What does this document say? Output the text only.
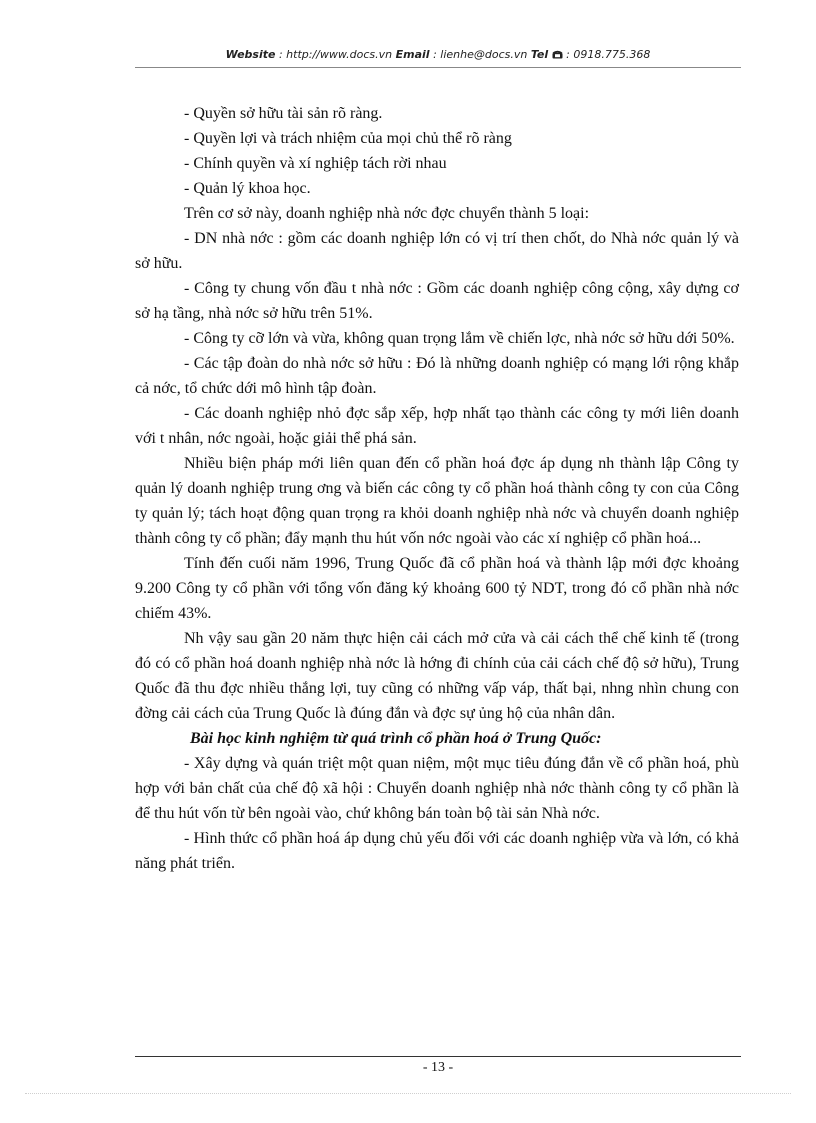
Website : http://www.docs.vn Email : lienhe@docs.vn Tel : 0918.775.368

- Quyền sở hữu tài sản rõ ràng.

- Quyền lợi và trách nhiệm của mọi chủ thể rõ ràng

- Chính quyền và xí nghiệp tách rời nhau

- Quản lý khoa học.

Trên cơ sở này, doanh nghiệp nhà nớc đợc chuyển thành 5 loại:

- DN nhà nớc : gồm các doanh nghiệp lớn có vị trí then chốt, do Nhà nớc quản lý và sở hữu.

- Công ty chung vốn đầu t nhà nớc : Gồm các doanh nghiệp công cộng, xây dựng cơ sở hạ tầng, nhà nớc sở hữu trên 51%.

- Công ty cỡ lớn và vừa, không quan trọng lắm về chiến lợc, nhà nớc sở hữu dới 50%.

- Các tập đoàn do nhà nớc sở hữu : Đó là những doanh nghiệp có mạng lới rộng khắp cả nớc, tổ chức dới mô hình tập đoàn.

- Các doanh nghiệp nhỏ đợc sắp xếp, hợp nhất tạo thành các công ty mới liên doanh với t nhân, nớc ngoài, hoặc giải thể phá sản.

Nhiều biện pháp mới liên quan đến cổ phần hoá đợc áp dụng nh thành lập Công ty quản lý doanh nghiệp trung ơng và biến các công ty cổ phần hoá thành công ty con của Công ty quản lý; tách hoạt động quan trọng ra khỏi doanh nghiệp nhà nớc và chuyển doanh nghiệp thành công ty cổ phần; đẩy mạnh thu hút vốn nớc ngoài vào các xí nghiệp cổ phần hoá...

Tính đến cuối năm 1996, Trung Quốc đã cổ phần hoá và thành lập mới đợc khoảng 9.200 Công ty cổ phần với tổng vốn đăng ký khoảng 600 tỷ NDT, trong đó cổ phần nhà nớc chiếm 43%.

Nh vậy sau gần 20 năm thực hiện cải cách mở cửa và cải cách thể chế kinh tế (trong đó có cổ phần hoá doanh nghiệp nhà nớc là hớng đi chính của cải cách chế độ sở hữu), Trung Quốc đã thu đợc nhiều thắng lợi, tuy cũng có những vấp váp, thất bại, nhng nhìn chung con đờng cải cách của Trung Quốc là đúng đắn và đợc sự ủng hộ của nhân dân.

Bài học kinh nghiệm từ quá trình cổ phần hoá ở Trung Quốc:

- Xây dựng và quán triệt một quan niệm, một mục tiêu đúng đắn về cổ phần hoá, phù hợp với bản chất của chế độ xã hội : Chuyển doanh nghiệp nhà nớc thành công ty cổ phần là để thu hút vốn từ bên ngoài vào, chứ không bán toàn bộ tài sản Nhà nớc.

- Hình thức cổ phần hoá áp dụng chủ yếu đối với các doanh nghiệp vừa và lớn, có khả năng phát triển.

- 13 -
